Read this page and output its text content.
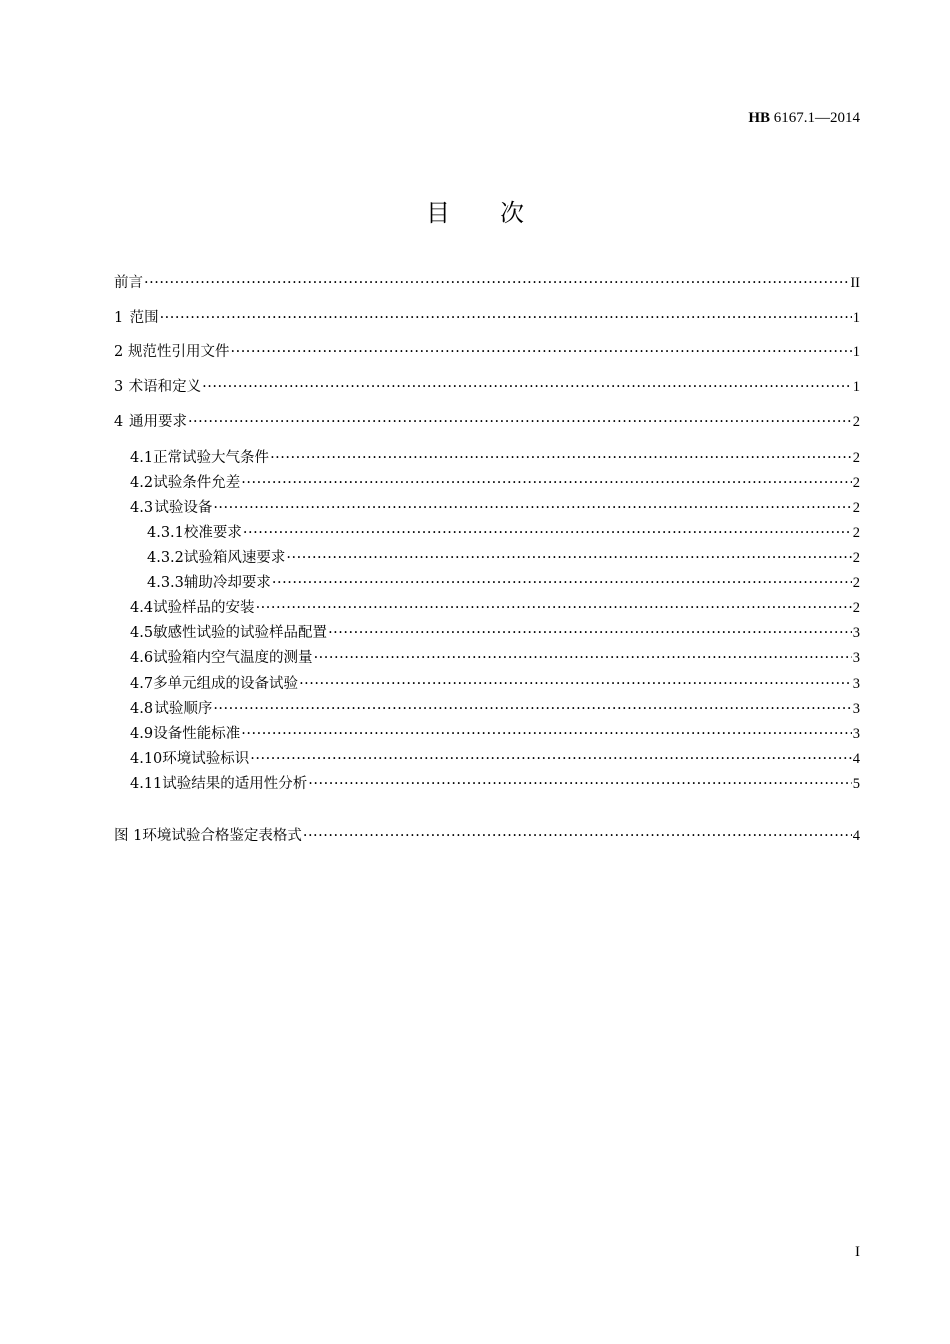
HB 6167.1—2014
目次
前言 ·····	II
1 范围 ·····	1
2 规范性引用文件 ·····	1
3 术语和定义 ·····	1
4 通用要求 ·····	2
4.1 正常试验大气条件 ·····	2
4.2 试验条件允差 ·····	2
4.3 试验设备 ·····	2
4.3.1 校准要求 ·····	2
4.3.2 试验箱风速要求 ·····	2
4.3.3 辅助冷却要求 ·····	2
4.4 试验样品的安装 ·····	2
4.5 敏感性试验的试验样品配置 ·····	3
4.6 试验箱内空气温度的测量 ·····	3
4.7 多单元组成的设备试验 ·····	3
4.8 试验顺序 ·····	3
4.9 设备性能标准 ·····	3
4.10 环境试验标识 ·····	4
4.11 试验结果的适用性分析 ·····	5
图 1 环境试验合格鉴定表格式 ·····	4
I
